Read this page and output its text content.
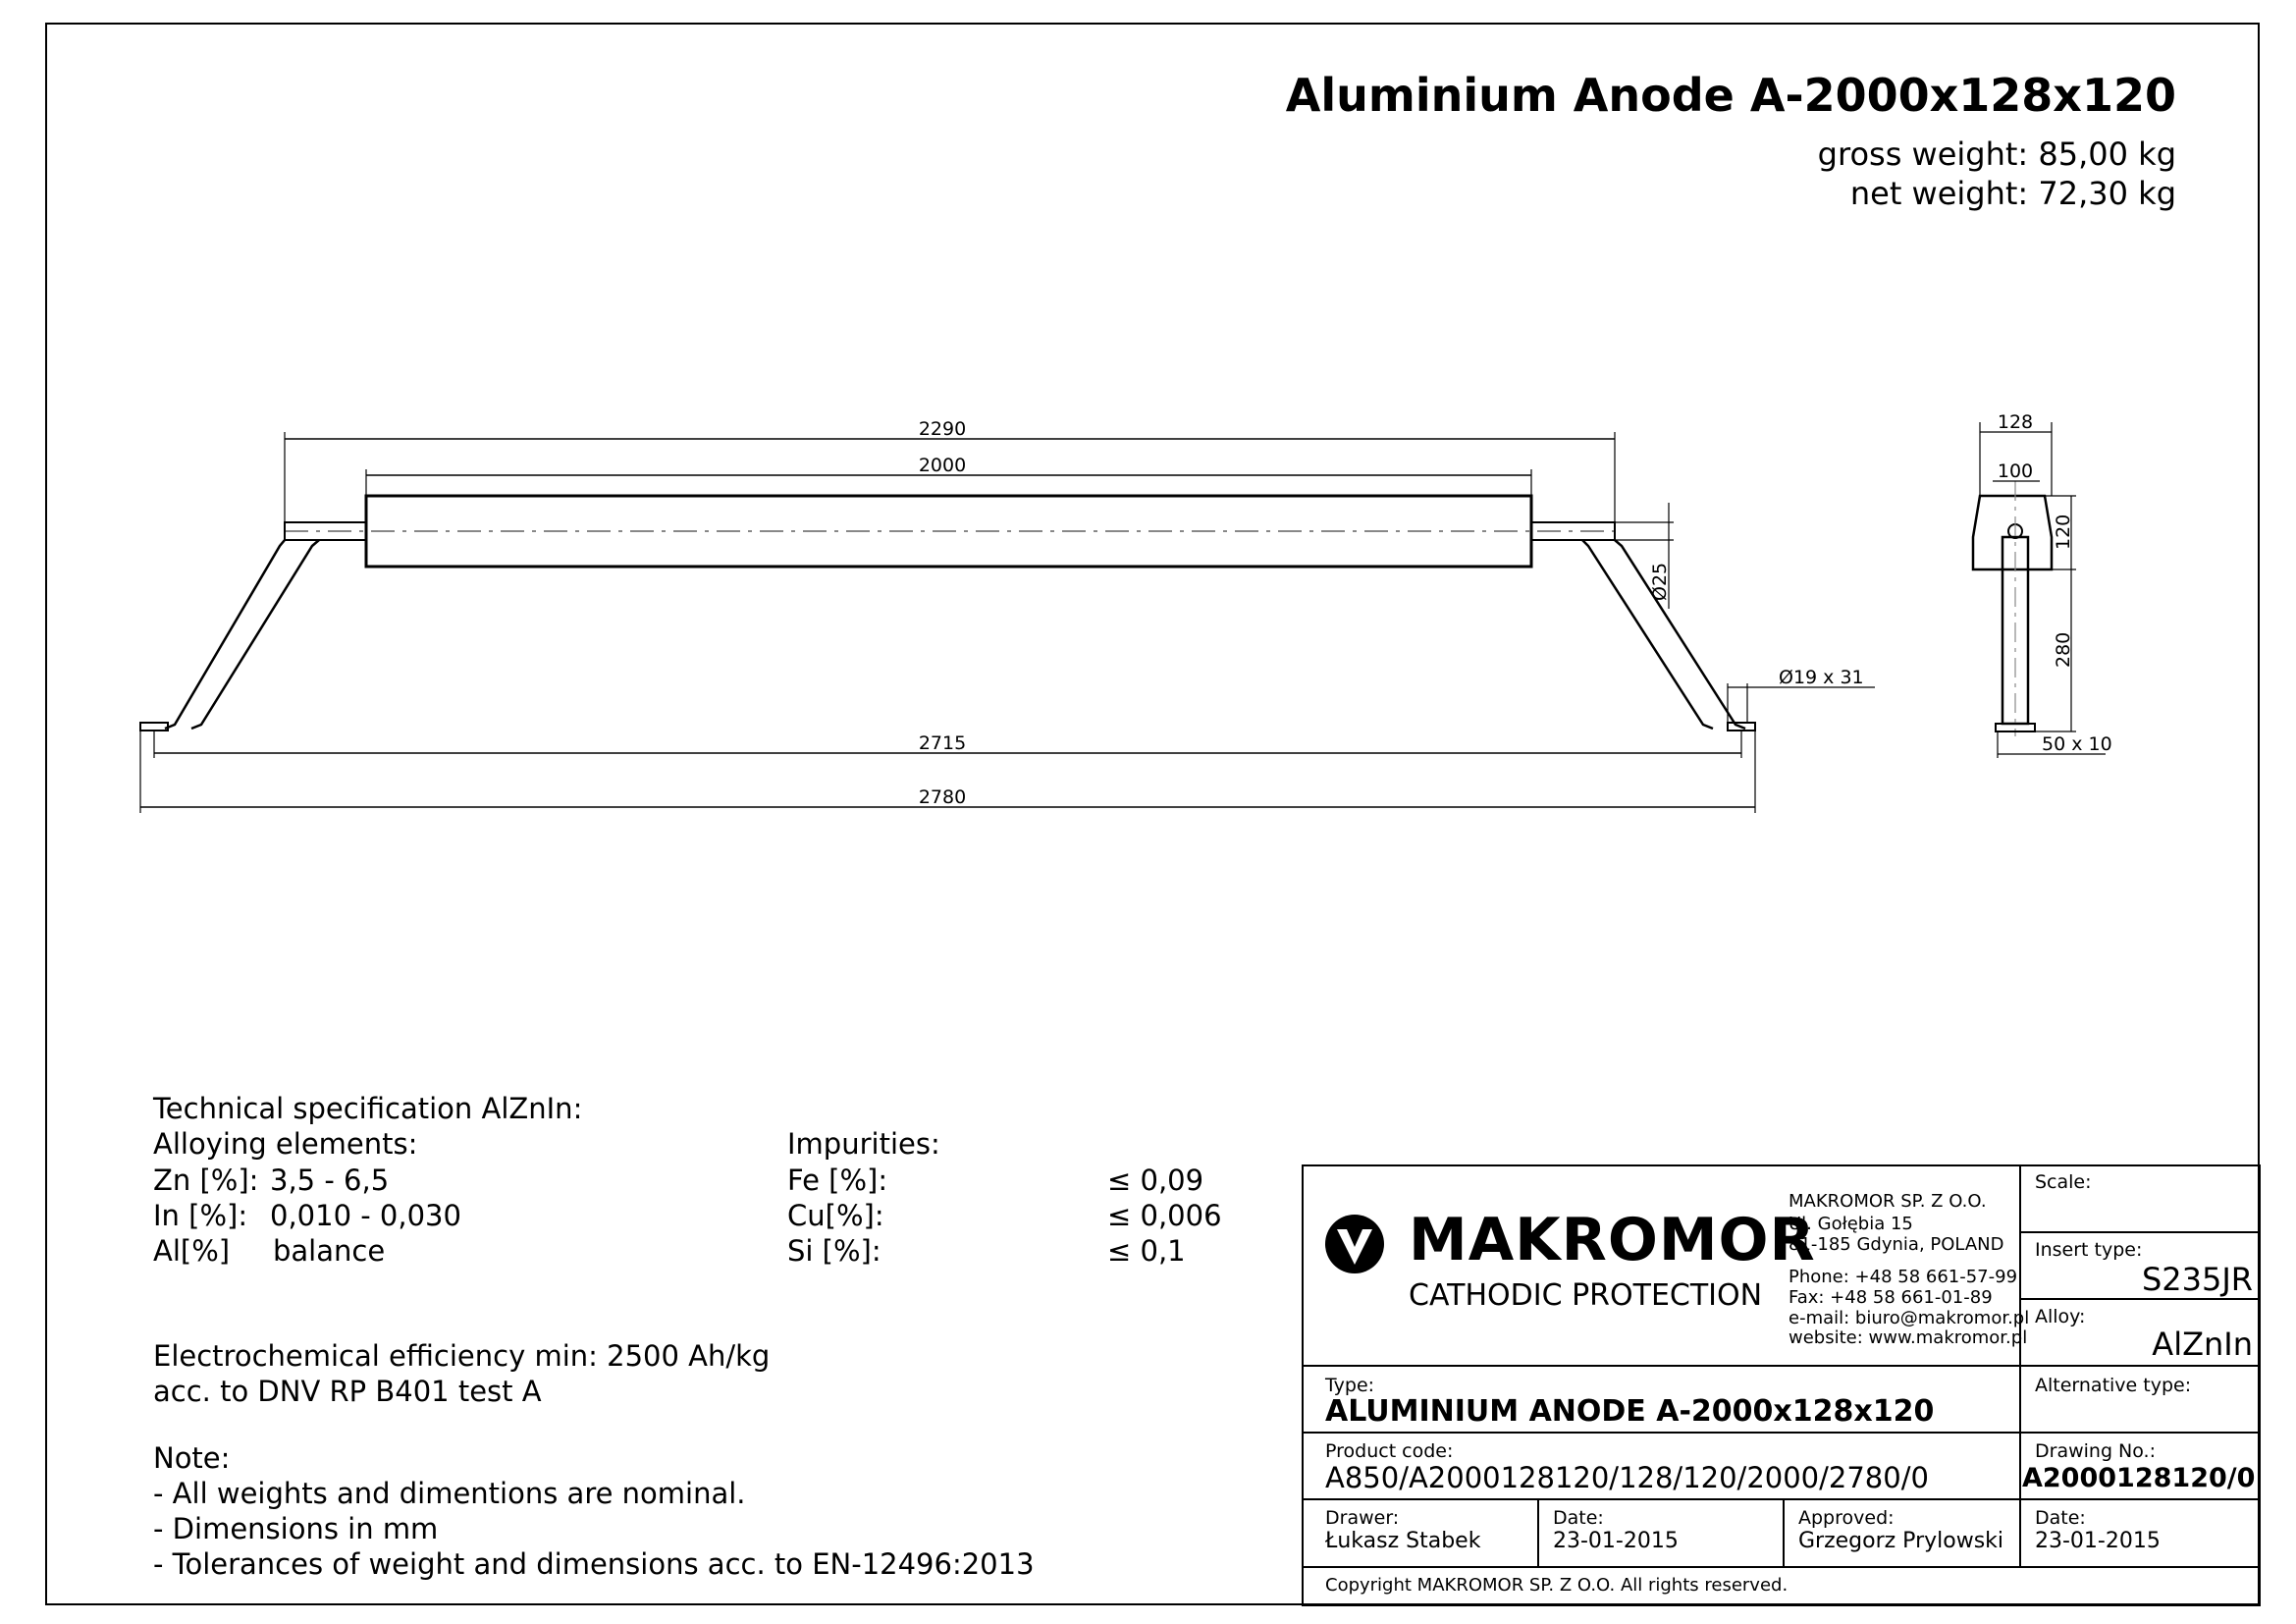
Aluminium Anode A-2000x128x120
gross weight: 85,00 kg
net weight: 72,30 kg
2290
2000
2715
2780
Ø25
Ø19 x 31
128
100
120
280
50 x 10
Technical specification AlZnIn:
Alloying elements:
Zn [%]: 3,5 - 6,5
In [%]: 0,010 - 0,030
Al[%] balance
Impurities:
Fe [%]:	≤ 0,09
Cu[%]:	≤ 0,006
Si [%]:	≤ 0,1
Electrochemical efficiency min: 2500 Ah/kg
acc. to DNV RP B401 test A
Note:
- All weights and dimentions are nominal.
- Dimensions in mm
- Tolerances of weight and dimensions acc. to EN-12496:2013
MAKROMOR
CATHODIC PROTECTION
MAKROMOR SP. Z O.O.
Ul. Gołębia 15
81-185 Gdynia, POLAND
Phone: +48 58 661-57-99
Fax: +48 58 661-01-89
e-mail: biuro@makromor.pl
website: www.makromor.pl
Scale:
Insert type:
S235JR
Alloy:
AlZnIn
Type:
ALUMINIUM ANODE A-2000x128x120
Alternative type:
Product code:
A850/A2000128120/128/120/2000/2780/0
Drawing No.:
A2000128120/0
Drawer:
Łukasz Stabek
Date:
23-01-2015
Approved:
Grzegorz Prylowski
Date:
23-01-2015
Copyright MAKROMOR SP. Z O.O. All rights reserved.
